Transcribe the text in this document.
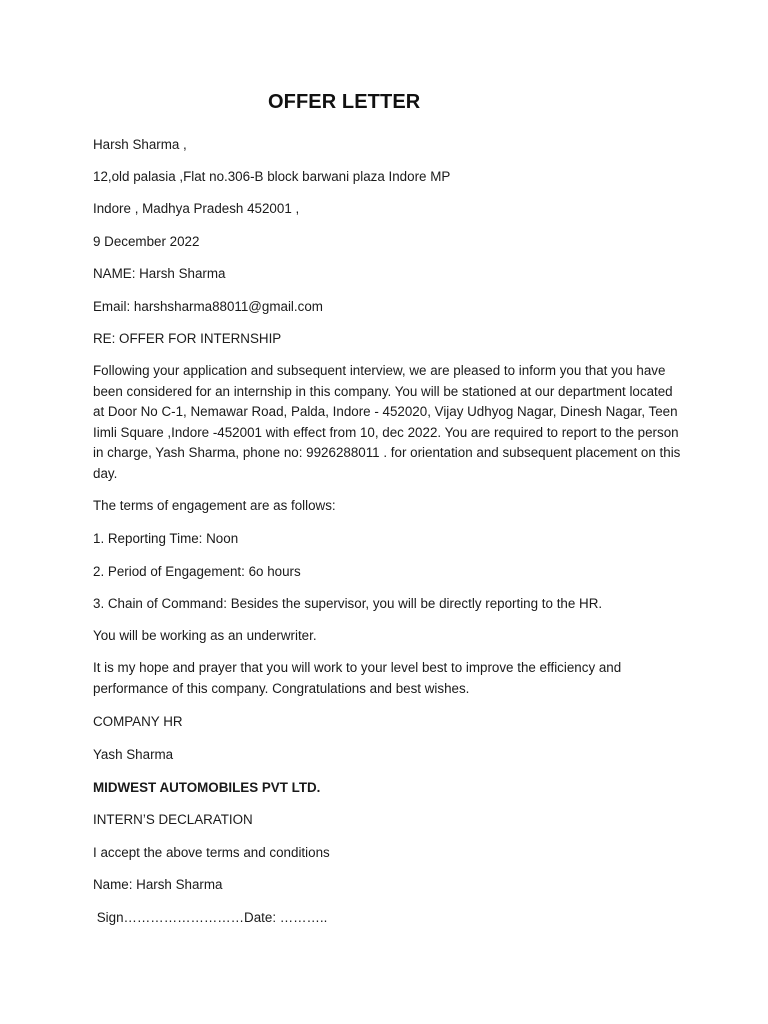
OFFER LETTER
Harsh Sharma ,
12,old palasia ,Flat no.306-B block barwani plaza Indore MP
Indore , Madhya Pradesh 452001 ,
9 December 2022
NAME: Harsh Sharma
Email: harshsharma88011@gmail.com
RE: OFFER FOR INTERNSHIP
Following your application and subsequent interview, we are pleased to inform you that you have been considered for an internship in this company. You will be stationed at our department located at Door No C-1, Nemawar Road, Palda, Indore - 452020, Vijay Udhyog Nagar, Dinesh Nagar, Teen Iimli Square ,Indore -452001 with effect from 10, dec 2022. You are required to report to the person in charge, Yash Sharma, phone no: 9926288011 . for orientation and subsequent placement on this day.
The terms of engagement are as follows:
1. Reporting Time: Noon
2. Period of Engagement: 6o hours
3. Chain of Command: Besides the supervisor, you will be directly reporting to the HR.
You will be working as an underwriter.
It is my hope and prayer that you will work to your level best to improve the efficiency and performance of this company. Congratulations and best wishes.
COMPANY HR
Yash Sharma
MIDWEST AUTOMOBILES PVT LTD.
INTERN’S DECLARATION
I accept the above terms and conditions
Name: Harsh Sharma
Sign………………………Date: ………..
